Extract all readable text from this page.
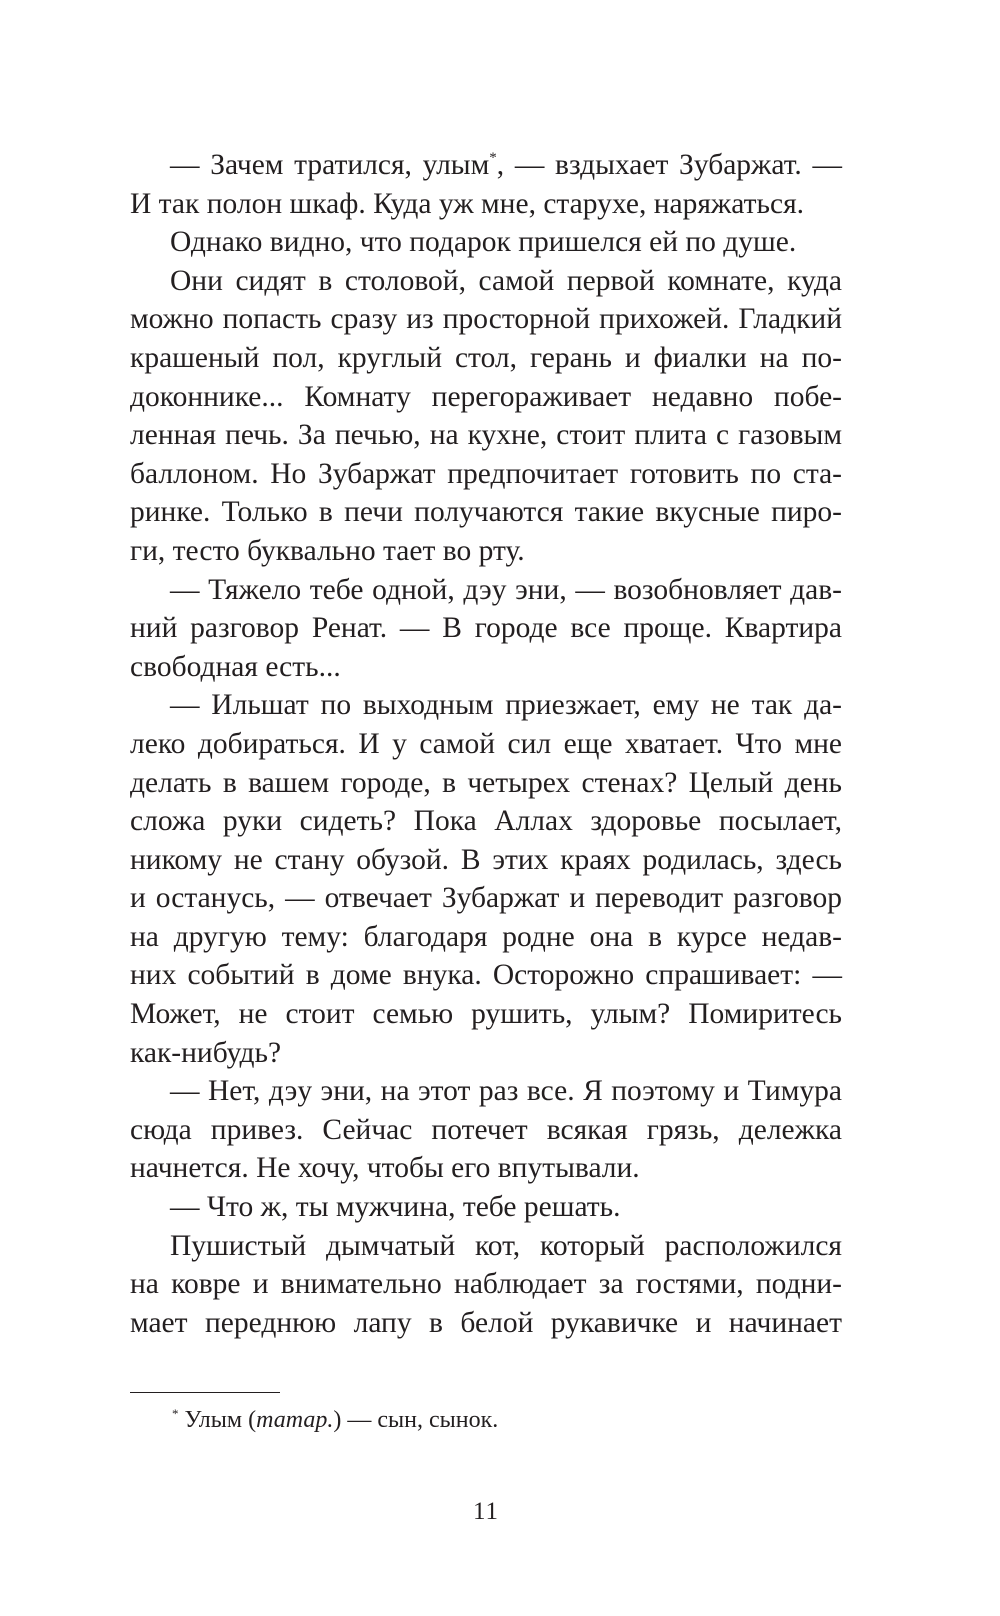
— Зачем тратился, улым*, — вздыхает Зубаржат. —
И так полон шкаф. Куда уж мне, старухе, наряжаться.
Однако видно, что подарок пришелся ей по душе.
Они сидят в столовой, самой первой комнате, куда
можно попасть сразу из просторной прихожей. Гладкий
крашеный пол, круглый стол, герань и фиалки на по-
доконнике... Комнату перегораживает недавно побе-
ленная печь. За печью, на кухне, стоит плита с газовым
баллоном. Но Зубаржат предпочитает готовить по ста-
ринке. Только в печи получаются такие вкусные пиро-
ги, тесто буквально тает во рту.
— Тяжело тебе одной, дэу эни, — возобновляет дав-
ний разговор Ренат. — В городе все проще. Квартира
свободная есть...
— Ильшат по выходным приезжает, ему не так да-
леко добираться. И у самой сил еще хватает. Что мне
делать в вашем городе, в четырех стенах? Целый день
сложа руки сидеть? Пока Аллах здоровье посылает,
никому не стану обузой. В этих краях родилась, здесь
и останусь, — отвечает Зубаржат и переводит разговор
на другую тему: благодаря родне она в курсе недав-
них событий в доме внука. Осторожно спрашивает: —
Может, не стоит семью рушить, улым? Помиритесь
как-нибудь?
— Нет, дэу эни, на этот раз все. Я поэтому и Тимура
сюда привез. Сейчас потечет всякая грязь, дележка
начнется. Не хочу, чтобы его впутывали.
— Что ж, ты мужчина, тебе решать.
Пушистый дымчатый кот, который расположился
на ковре и внимательно наблюдает за гостями, подни-
мает переднюю лапу в белой рукавичке и начинает
* Улым (татар.) — сын, сынок.
11
